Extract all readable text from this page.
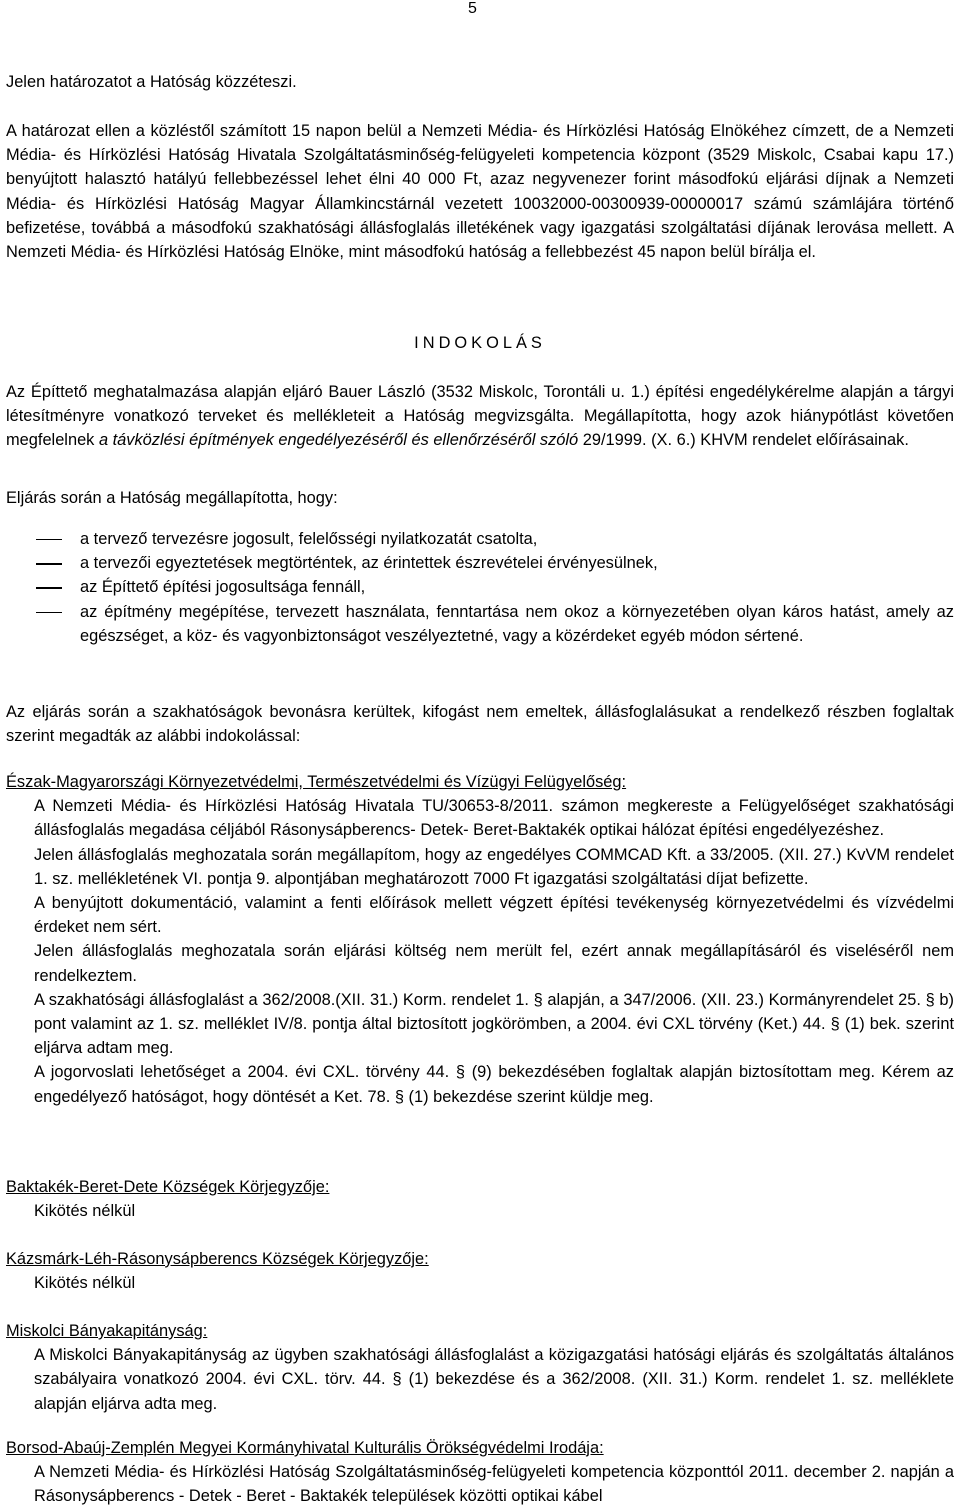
5

Jelen határozatot a Hatóság közzéteszi.

A határozat ellen a közléstől számított 15 napon belül a Nemzeti Média- és Hírközlési Hatóság Elnökéhez címzett, de a Nemzeti Média- és Hírközlési Hatóság Hivatala Szolgáltatásminőség-felügyeleti kompetencia központ (3529 Miskolc, Csabai kapu 17.) benyújtott halasztó hatályú fellebbezéssel lehet élni 40 000 Ft, azaz negyvenezer forint másodfokú eljárási díjnak a Nemzeti Média- és Hírközlési Hatóság Magyar Államkincstárnál vezetett 10032000-00300939-00000017 számú számlájára történő befizetése, továbbá a másodfokú szakhatósági állásfoglalás illetékének vagy igazgatási szolgáltatási díjának lerovása mellett. A Nemzeti Média- és Hírközlési Hatóság Elnöke, mint másodfokú hatóság a fellebbezést 45 napon belül bírálja el.

INDOKOLÁS

Az Építtető meghatalmazása alapján eljáró Bauer László (3532 Miskolc, Torontáli u. 1.) építési engedélykérelme alapján a tárgyi létesítményre vonatkozó terveket és mellékleteit a Hatóság megvizsgálta. Megállapította, hogy azok hiánypótlást követően megfelelnek a távközlési építmények engedélyezéséről és ellenőrzéséről szóló 29/1999. (X. 6.) KHVM rendelet előírásainak.

Eljárás során a Hatóság megállapította, hogy:

a tervező tervezésre jogosult, felelősségi nyilatkozatát csatolta,
a tervezői egyeztetések megtörténtek, az érintettek észrevételei érvényesülnek,
az Építtető építési jogosultsága fennáll,
az építmény megépítése, tervezett használata, fenntartása nem okoz a környezetében olyan káros hatást, amely az egészséget, a köz- és vagyonbiztonságot veszélyeztetné, vagy a közérdeket egyéb módon sértené.

Az eljárás során a szakhatóságok bevonásra kerültek, kifogást nem emeltek, állásfoglalásukat a rendelkező részben foglaltak szerint megadták az alábbi indokolással:

Észak-Magyarországi Környezetvédelmi, Természetvédelmi és Vízügyi Felügyelőség:

A Nemzeti Média- és Hírközlési Hatóság Hivatala TU/30653-8/2011. számon megkereste a Felügyelőséget szakhatósági állásfoglalás megadása céljából Rásonysápberencs- Detek- Beret-Baktakék optikai hálózat építési engedélyezéshez.

Jelen állásfoglalás meghozatala során megállapítom, hogy az engedélyes COMMCAD Kft. a 33/2005. (XII. 27.) KvVM rendelet 1. sz. mellékletének VI. pontja 9. alpontjában meghatározott 7000 Ft igazgatási szolgáltatási díjat befizette.

A benyújtott dokumentáció, valamint a fenti előírások mellett végzett építési tevékenység környezetvédelmi és vízvédelmi érdeket nem sért.

Jelen állásfoglalás meghozatala során eljárási költség nem merült fel, ezért annak megállapításáról és viseléséről nem rendelkeztem.

A szakhatósági állásfoglalást a 362/2008.(XII. 31.) Korm. rendelet 1. § alapján, a 347/2006. (XII. 23.) Kormányrendelet 25. § b) pont valamint az 1. sz. melléklet IV/8. pontja által biztosított jogkörömben, a 2004. évi CXL törvény (Ket.) 44. § (1) bek. szerint eljárva adtam meg.

A jogorvoslati lehetőséget a 2004. évi CXL. törvény 44. § (9) bekezdésében foglaltak alapján biztosítottam meg. Kérem az engedélyező hatóságot, hogy döntését a Ket. 78. § (1) bekezdése szerint küldje meg.

Baktakék-Beret-Dete Községek Körjegyzője:

Kikötés nélkül

Kázsmárk-Léh-Rásonysápberencs Községek Körjegyzője:

Kikötés nélkül

Miskolci Bányakapitányság:

A Miskolci Bányakapitányság az ügyben szakhatósági állásfoglalást a közigazgatási hatósági eljárás és szolgáltatás általános szabályaira vonatkozó 2004. évi CXL. törv. 44. § (1) bekezdése és a 362/2008. (XII. 31.) Korm. rendelet 1. sz. melléklete alapján eljárva adta meg.

Borsod-Abaúj-Zemplén Megyei Kormányhivatal Kulturális Örökségvédelmi Irodája:

A Nemzeti Média- és Hírközlési Hatóság Szolgáltatásminőség-felügyeleti kompetencia központtól 2011. december 2. napján a Rásonysápberencs - Detek - Beret - Baktakék települések közötti optikai kábel
